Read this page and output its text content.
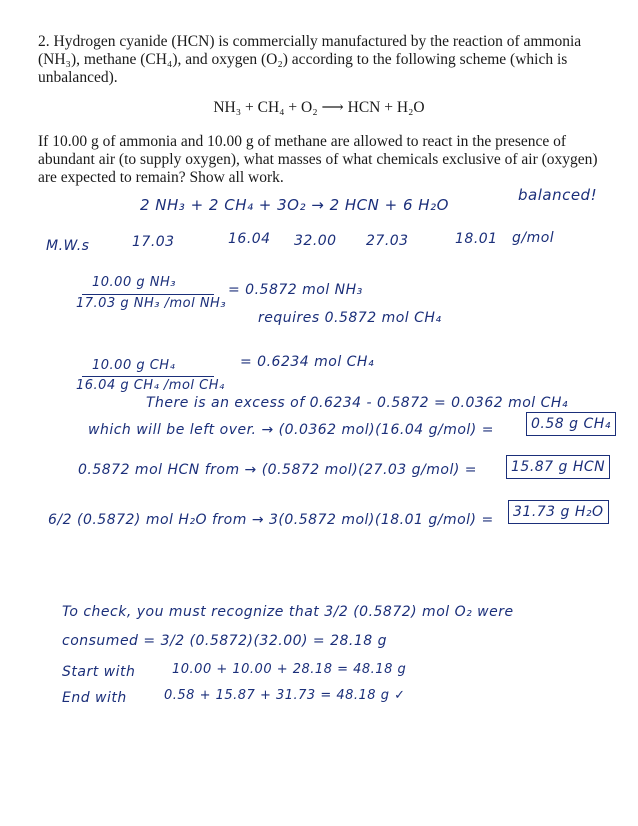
2. Hydrogen cyanide (HCN) is commercially manufactured by the reaction of ammonia (NH₃), methane (CH₄), and oxygen (O₂) according to the following scheme (which is unbalanced).
NH₃ + CH₄ + O₂ ⟶ HCN + H₂O
If 10.00 g of ammonia and 10.00 g of methane are allowed to react in the presence of abundant air (to supply oxygen), what masses of what chemicals exclusive of air (oxygen) are expected to remain? Show all work.
2 NH₃ + 2 CH₄ + 3O₂ → 2 HCN + 6 H₂O
balanced!
M.W.s	17.03	16.04 32.00 27.03	18.01 g/mol
10.00 g NH₃
17.03 g NH₃ /mol NH₃
= 0.5872 mol NH₃
requires 0.5872 mol CH₄
10.00 g CH₄
16.04 g CH₄ /mol CH₄
= 0.6234 mol CH₄
There is an excess of 0.6234 - 0.5872 = 0.0362 mol CH₄
which will be left over. → (0.0362 mol)(16.04 g/mol) =	0.58 g CH₄
0.5872 mol HCN from → (0.5872 mol)(27.03 g/mol) =	15.87 g HCN
6/2 (0.5872) mol H₂O from → 3(0.5872 mol)(18.01 g/mol) =	31.73 g H₂O
To check, you must recognize that 3/2 (0.5872) mol O₂ were
consumed = 3/2 (0.5872)(32.00) = 28.18 g
Start with	10.00 + 10.00 + 28.18 = 48.18 g
End with	0.58 + 15.87 + 31.73 = 48.18 g ✓
